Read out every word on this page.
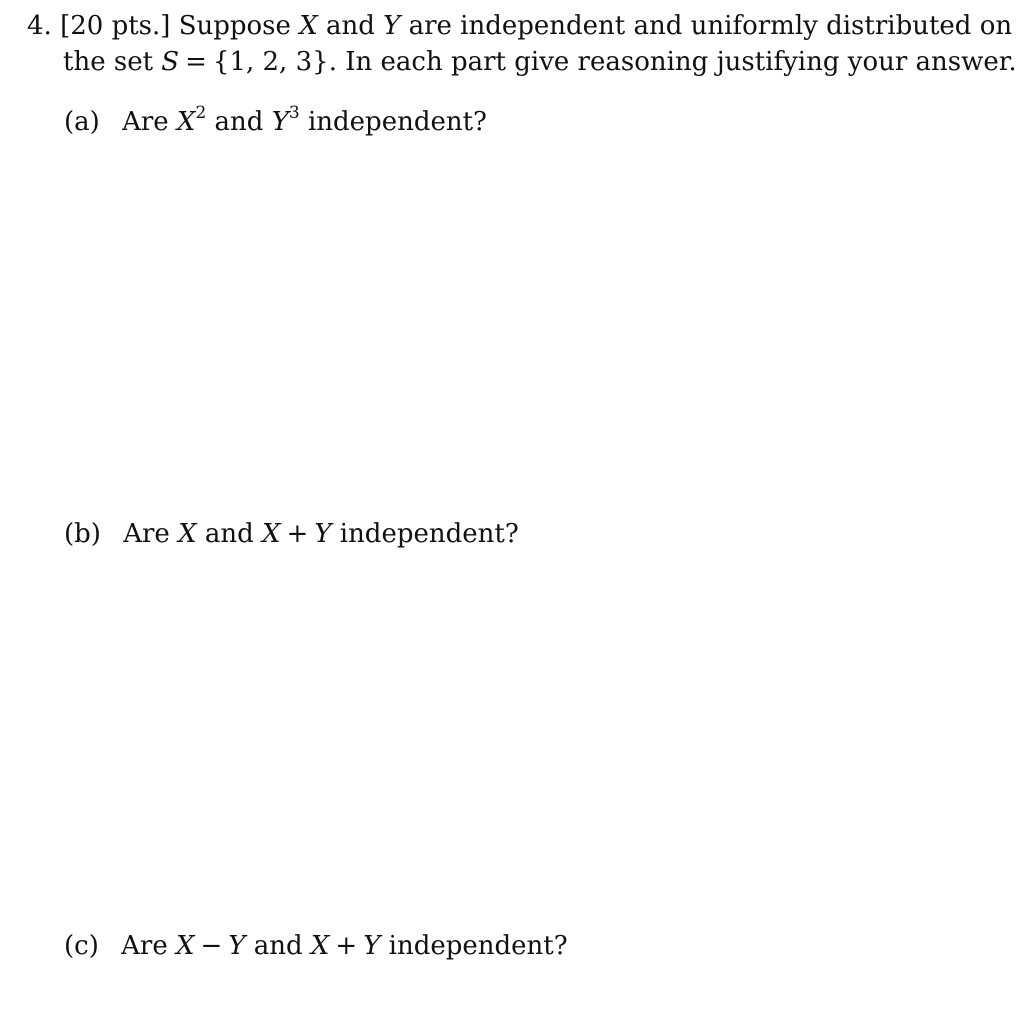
4. [20 pts.] Suppose X and Y are independent and uniformly distributed on
the set S = {1, 2, 3}. In each part give reasoning justifying your answer.
(a) Are $X^2$ and $Y^3$ independent?
(b) Are X and X + Y independent?
(c) Are X − Y and X + Y independent?
